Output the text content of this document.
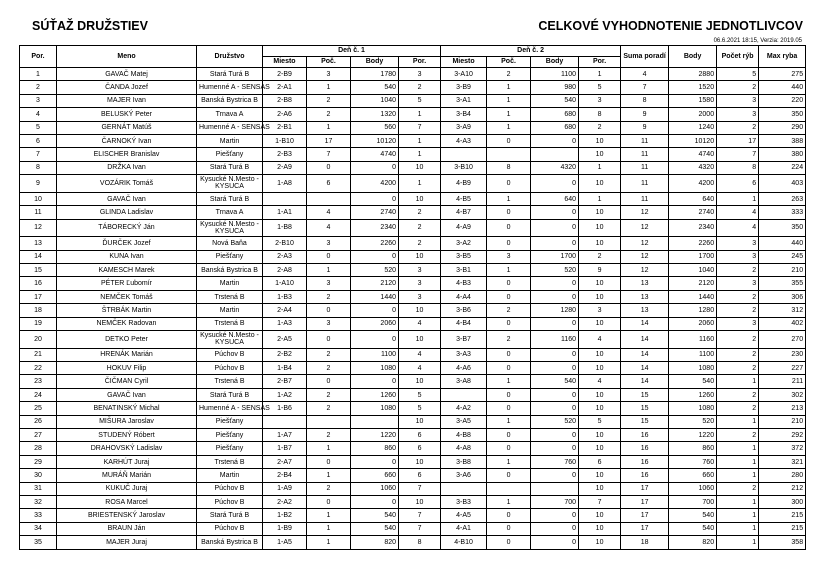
SÚŤAŽ DRUŽSTIEV	CELKOVÉ VYHODNOTENIE JEDNOTLIVCOV
06.6.2021 18:15, Verzia: 2019.05
Por.	Meno	Družstvo	Deň č. 1				Deň č. 2				Suma poradí	Body	Počet rýb	Max ryba
			Miesto	Poč.	Body	Por.	Miesto	Poč.	Body	Por.				
1	GAVAČ Matej	Stará Turá B	2-B9	3	1780	3	3-A10	2	1100	1	4	2880	5	275
2	ČANDA Jozef	Humenné A - SENSAS	2-A1	1	540	2	3-B9	1	980	5	7	1520	2	440
3	MAJER Ivan	Banská Bystrica B	2-B8	2	1040	5	3-A1	1	540	3	8	1580	3	220
4	BELUSKÝ Peter	Trnava A	2-A6	2	1320	1	3-B4	1	680	8	9	2000	3	350
5	GERNÁT Matúš	Humenné A - SENSAS	2-B1	1	560	7	3-A9	1	680	2	9	1240	2	290
6	ČARNOKÝ Ivan	Martin	1-B10	17	10120	1	4-A3	0	0	10	11	10120	17	388
7	ELISCHER Branislav	Piešťany	2-B3	7	4740	1				10	11	4740	7	380
8	DRŽKA Ivan	Stará Turá B	2-A9	0	0	10	3-B10	8	4320	1	11	4320	8	224
9	VOZÁRIK Tomáš	Kysucké N.Mesto - KYSUCA	1-A8	6	4200	1	4-B9	0	0	10	11	4200	6	403
10	GAVAČ Ivan	Stará Turá B			0	10	4-B5	1	640	1	11	640	1	263
11	GLINDA Ladislav	Trnava A	1-A1	4	2740	2	4-B7	0	0	10	12	2740	4	333
12	TÁBORECKÝ Ján	Kysucké N.Mesto - KYSUCA	1-B8	4	2340	2	4-A9	0	0	10	12	2340	4	350
13	ĎURČEK Jozef	Nová Baňa	2-B10	3	2260	2	3-A2	0	0	10	12	2260	3	440
14	KUNA Ivan	Piešťany	2-A3	0	0	10	3-B5	3	1700	2	12	1700	3	245
15	KAMESCH Marek	Banská Bystrica B	2-A8	1	520	3	3-B1	1	520	9	12	1040	2	210
16	PÉTER Ľubomír	Martin	1-A10	3	2120	3	4-B3	0	0	10	13	2120	3	355
17	NEMČEK Tomáš	Trstená B	1-B3	2	1440	3	4-A4	0	0	10	13	1440	2	306
18	ŠTRBÁK Martin	Martin	2-A4	0	0	10	3-B6	2	1280	3	13	1280	2	312
19	NEMČEK Radovan	Trstená B	1-A3	3	2060	4	4-B4	0	0	10	14	2060	3	402
20	DETKO Peter	Kysucké N.Mesto - KYSUCA	2-A5	0	0	10	3-B7	2	1160	4	14	1160	2	270
21	HRENÁK Marián	Púchov B	2-B2	2	1100	4	3-A3	0	0	10	14	1100	2	230
22	HOKUV Filip	Púchov B	1-B4	2	1080	4	4-A6	0	0	10	14	1080	2	227
23	ČIČMAN Cyril	Trstená B	2-B7	0	0	10	3-A8	1	540	4	14	540	1	211
24	GAVAČ Ivan	Stará Turá B	1-A2	2	1260	5		0	0	10	15	1260	2	302
25	BENATINSKÝ Michal	Humenné A - SENSAS	1-B6	2	1080	5	4-A2	0	0	10	15	1080	2	213
26	MIŠURA Jaroslav	Piešťany				10	3-A5	1	520	5	15	520	1	210
27	STUDENÝ Róbert	Piešťany	1-A7	2	1220	6	4-B8	0	0	10	16	1220	2	292
28	DRAHOVSKÝ Ladislav	Piešťany	1-B7	1	860	6	4-A8	0	0	10	16	860	1	372
29	KARHÚT Juraj	Trstená B	2-A7	0	0	10	3-B8	1	760	6	16	760	1	321
30	MURÁŇ Marián	Martin	2-B4	1	660	6	3-A6	0	0	10	16	660	1	280
31	KUKUČ Juraj	Púchov B	1-A9	2	1060	7				10	17	1060	2	212
32	ROSA Marcel	Púchov B	2-A2	0	0	10	3-B3	1	700	7	17	700	1	300
33	BRIESTENSKÝ Jaroslav	Stará Turá B	1-B2	1	540	7	4-A5	0	0	10	17	540	1	215
34	BRAUN Ján	Púchov B	1-B9	1	540	7	4-A1	0	0	10	17	540	1	215
35	MAJER Juraj	Banská Bystrica B	1-A5	1	820	8	4-B10	0	0	10	18	820	1	358
